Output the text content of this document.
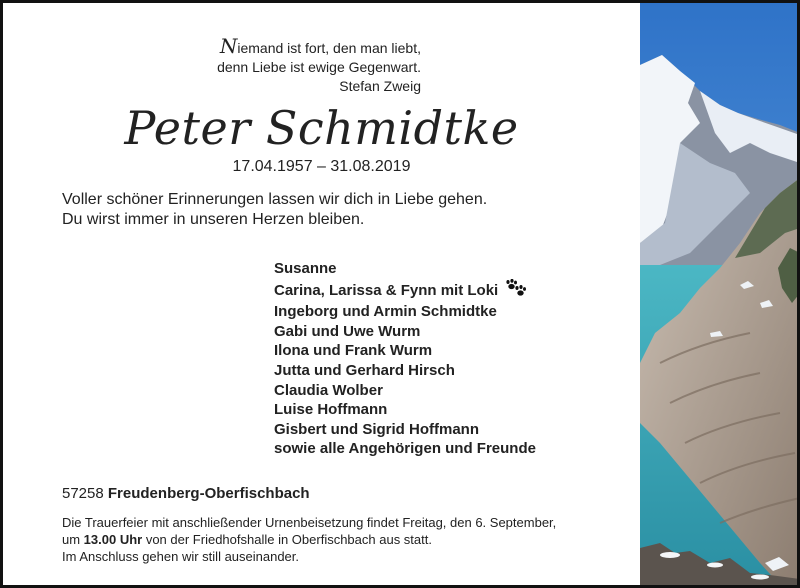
Niemand ist fort, den man liebt,
denn Liebe ist ewige Gegenwart.
Stefan Zweig
Peter Schmidtke
17.04.1957 – 31.08.2019
Voller schöner Erinnerungen lassen wir dich in Liebe gehen.
Du wirst immer in unseren Herzen bleiben.
Susanne
Carina, Larissa & Fynn mit Loki
Ingeborg und Armin Schmidtke
Gabi und Uwe Wurm
Ilona und Frank Wurm
Jutta und Gerhard Hirsch
Claudia Wolber
Luise Hoffmann
Gisbert und Sigrid Hoffmann
sowie alle Angehörigen und Freunde
57258 Freudenberg-Oberfischbach
Die Trauerfeier mit anschließender Urnenbeisetzung findet Freitag, den 6. September,
um 13.00 Uhr von der Friedhofshalle in Oberfischbach aus statt.
Im Anschluss gehen wir still auseinander.
